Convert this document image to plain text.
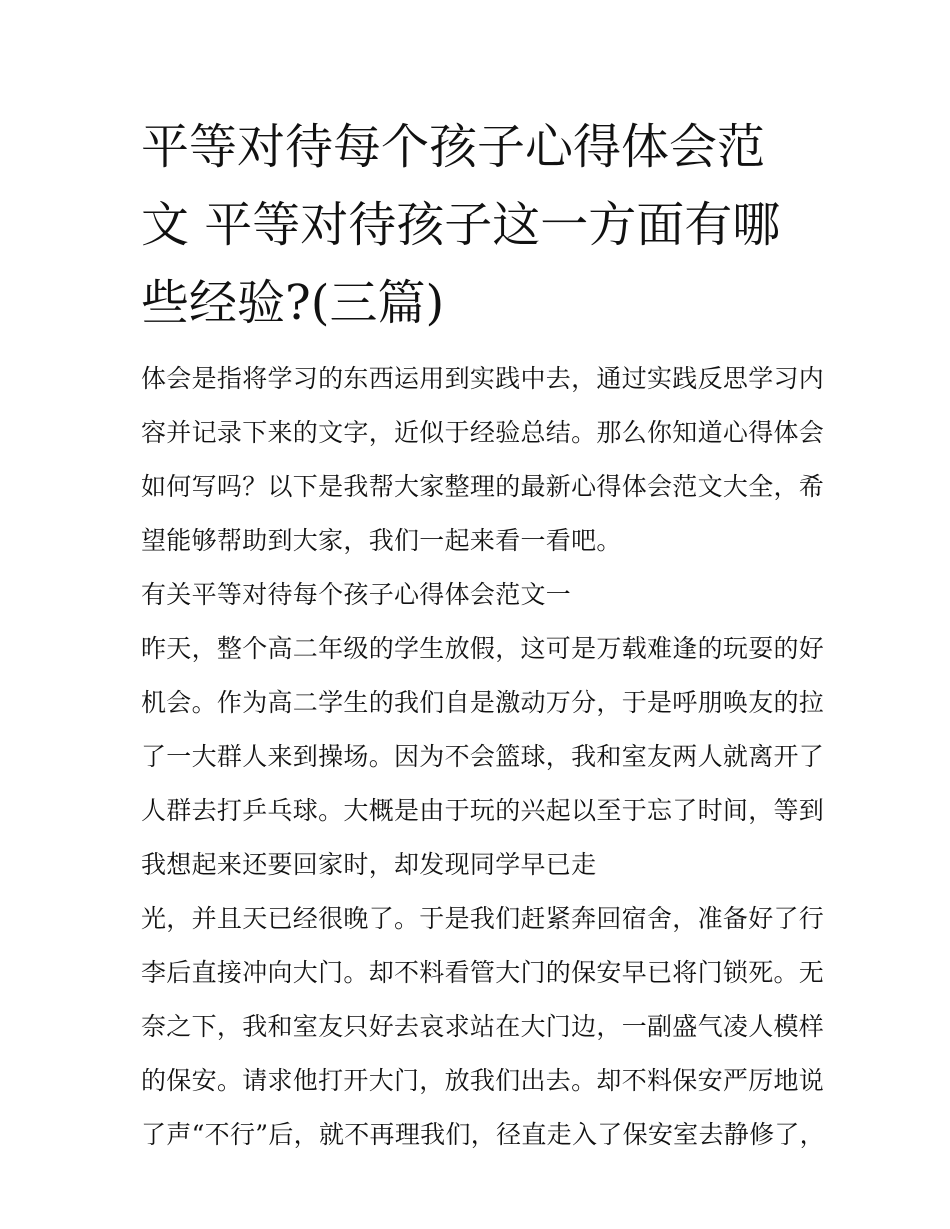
平等对待每个孩子心得体会范
文 平等对待孩子这一方面有哪
些经验?(三篇)
体会是指将学习的东西运用到实践中去，通过实践反思学习内
容并记录下来的文字，近似于经验总结。那么你知道心得体会
如何写吗？以下是我帮大家整理的最新心得体会范文大全，希
望能够帮助到大家，我们一起来看一看吧。
有关平等对待每个孩子心得体会范文一
昨天，整个高二年级的学生放假，这可是万载难逢的玩耍的好
机会。作为高二学生的我们自是激动万分，于是呼朋唤友的拉
了一大群人来到操场。因为不会篮球，我和室友两人就离开了
人群去打乒乓球。大概是由于玩的兴起以至于忘了时间，等到
我想起来还要回家时，却发现同学早已走
光，并且天已经很晚了。于是我们赶紧奔回宿舍，准备好了行
李后直接冲向大门。却不料看管大门的保安早已将门锁死。无
奈之下，我和室友只好去哀求站在大门边，一副盛气凌人模样
的保安。请求他打开大门，放我们出去。却不料保安严厉地说
了声“不行”后，就不再理我们，径直走入了保安室去静修了，
